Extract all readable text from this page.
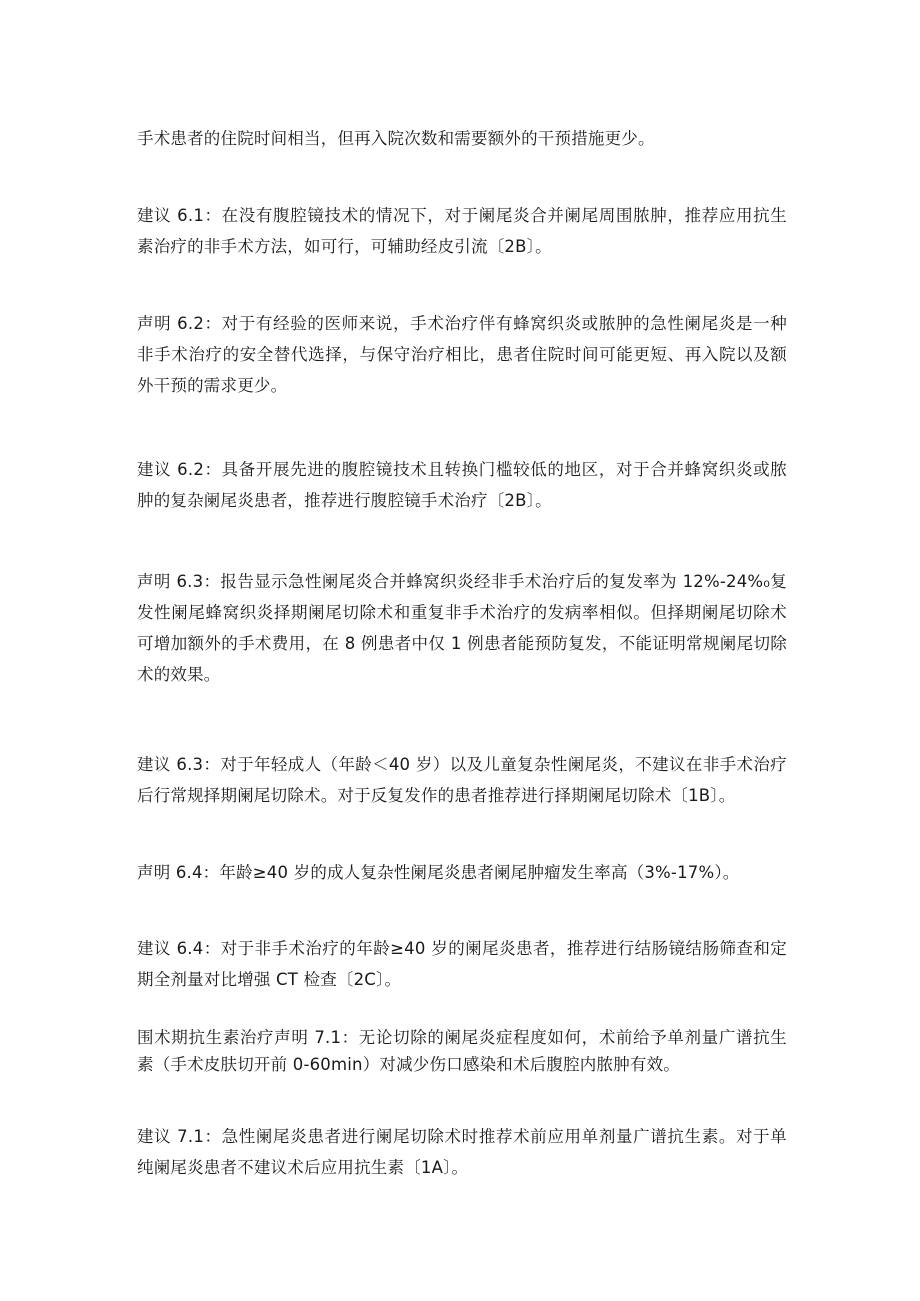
手术患者的住院时间相当，但再入院次数和需要额外的干预措施更少。

建议 6.1：在没有腹腔镜技术的情况下，对于阑尾炎合并阑尾周围脓肿，推荐应用抗生素治疗的非手术方法，如可行，可辅助经皮引流〔2B〕。

声明 6.2：对于有经验的医师来说，手术治疗伴有蜂窝织炎或脓肿的急性阑尾炎是一种非手术治疗的安全替代选择，与保守治疗相比，患者住院时间可能更短、再入院以及额外干预的需求更少。

建议 6.2：具备开展先进的腹腔镜技术且转换门槛较低的地区，对于合并蜂窝织炎或脓肿的复杂阑尾炎患者，推荐进行腹腔镜手术治疗〔2B〕。

声明 6.3：报告显示急性阑尾炎合并蜂窝织炎经非手术治疗后的复发率为 12%-24%₀复发性阑尾蜂窝织炎择期阑尾切除术和重复非手术治疗的发病率相似。但择期阑尾切除术可增加额外的手术费用，在 8 例患者中仅 1 例患者能预防复发，不能证明常规阑尾切除术的效果。

建议 6.3：对于年轻成人（年龄＜40 岁）以及儿童复杂性阑尾炎，不建议在非手术治疗后行常规择期阑尾切除术。对于反复发作的患者推荐进行择期阑尾切除术〔1B〕。

声明 6.4：年龄≥40 岁的成人复杂性阑尾炎患者阑尾肿瘤发生率高（3%-17%）。

建议 6.4：对于非手术治疗的年龄≥40 岁的阑尾炎患者，推荐进行结肠镜结肠筛查和定期全剂量对比增强 CT 检查〔2C〕。

围术期抗生素治疗声明 7.1：无论切除的阑尾炎症程度如何，术前给予单剂量广谱抗生素（手术皮肤切开前 0-60min）对减少伤口感染和术后腹腔内脓肿有效。

建议 7.1：急性阑尾炎患者进行阑尾切除术时推荐术前应用单剂量广谱抗生素。对于单纯阑尾炎患者不建议术后应用抗生素〔1A〕。
